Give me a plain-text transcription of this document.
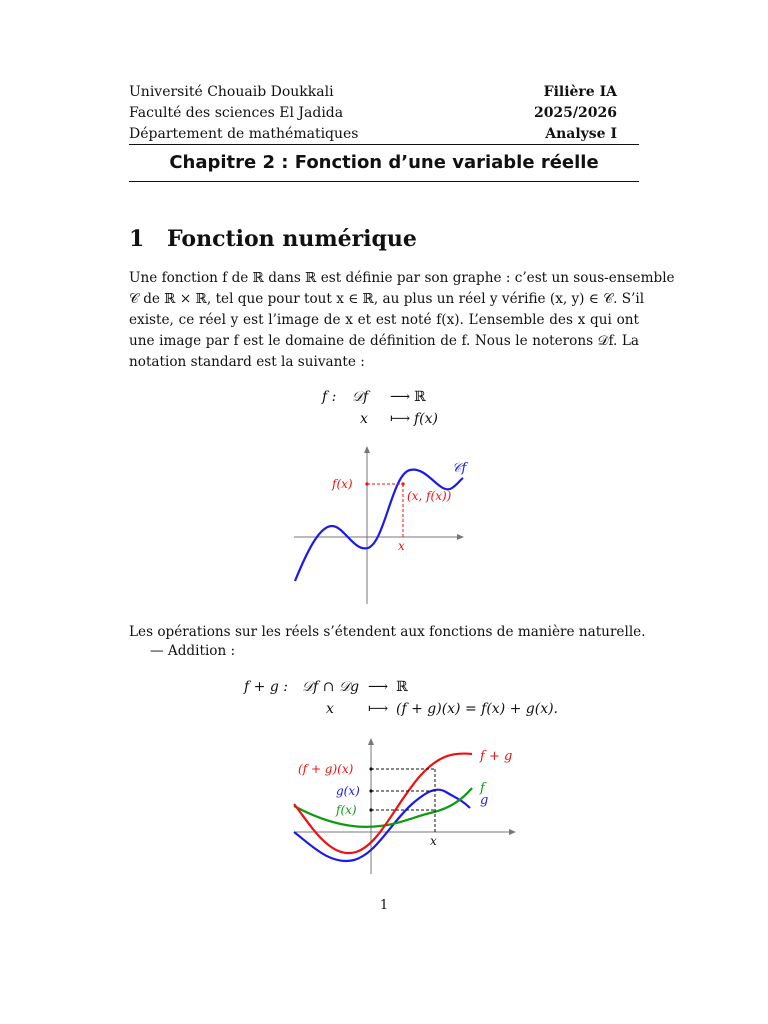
Université Chouaib Doukkali	Filière IA
Faculté des sciences El Jadida	2025/2026
Département de mathématiques	Analyse I
Chapitre 2 : Fonction d’une variable réelle
1 Fonction numérique
Une fonction f de ℝ dans ℝ est définie par son graphe : c’est un sous-ensemble
𝒞 de ℝ × ℝ, tel que pour tout x ∈ ℝ, au plus un réel y vérifie (x, y) ∈ 𝒞. S’il
existe, ce réel y est l’image de x et est noté f(x). L’ensemble des x qui ont
une image par f est le domaine de définition de f. Nous le noterons 𝒟f. La
notation standard est la suivante :
f :	𝒟f	⟶ ℝ
x	⟼ f(x)
𝒞f
f(x)
(x, f(x))
x
Les opérations sur les réels s’étendent aux fonctions de manière naturelle.
— Addition :
f + g :	𝒟f ∩ 𝒟g ⟶ ℝ
x	⟼ (f + g)(x) = f(x) + g(x).
f + g
f
g
(f + g)(x)
g(x)
f(x)
x
1
